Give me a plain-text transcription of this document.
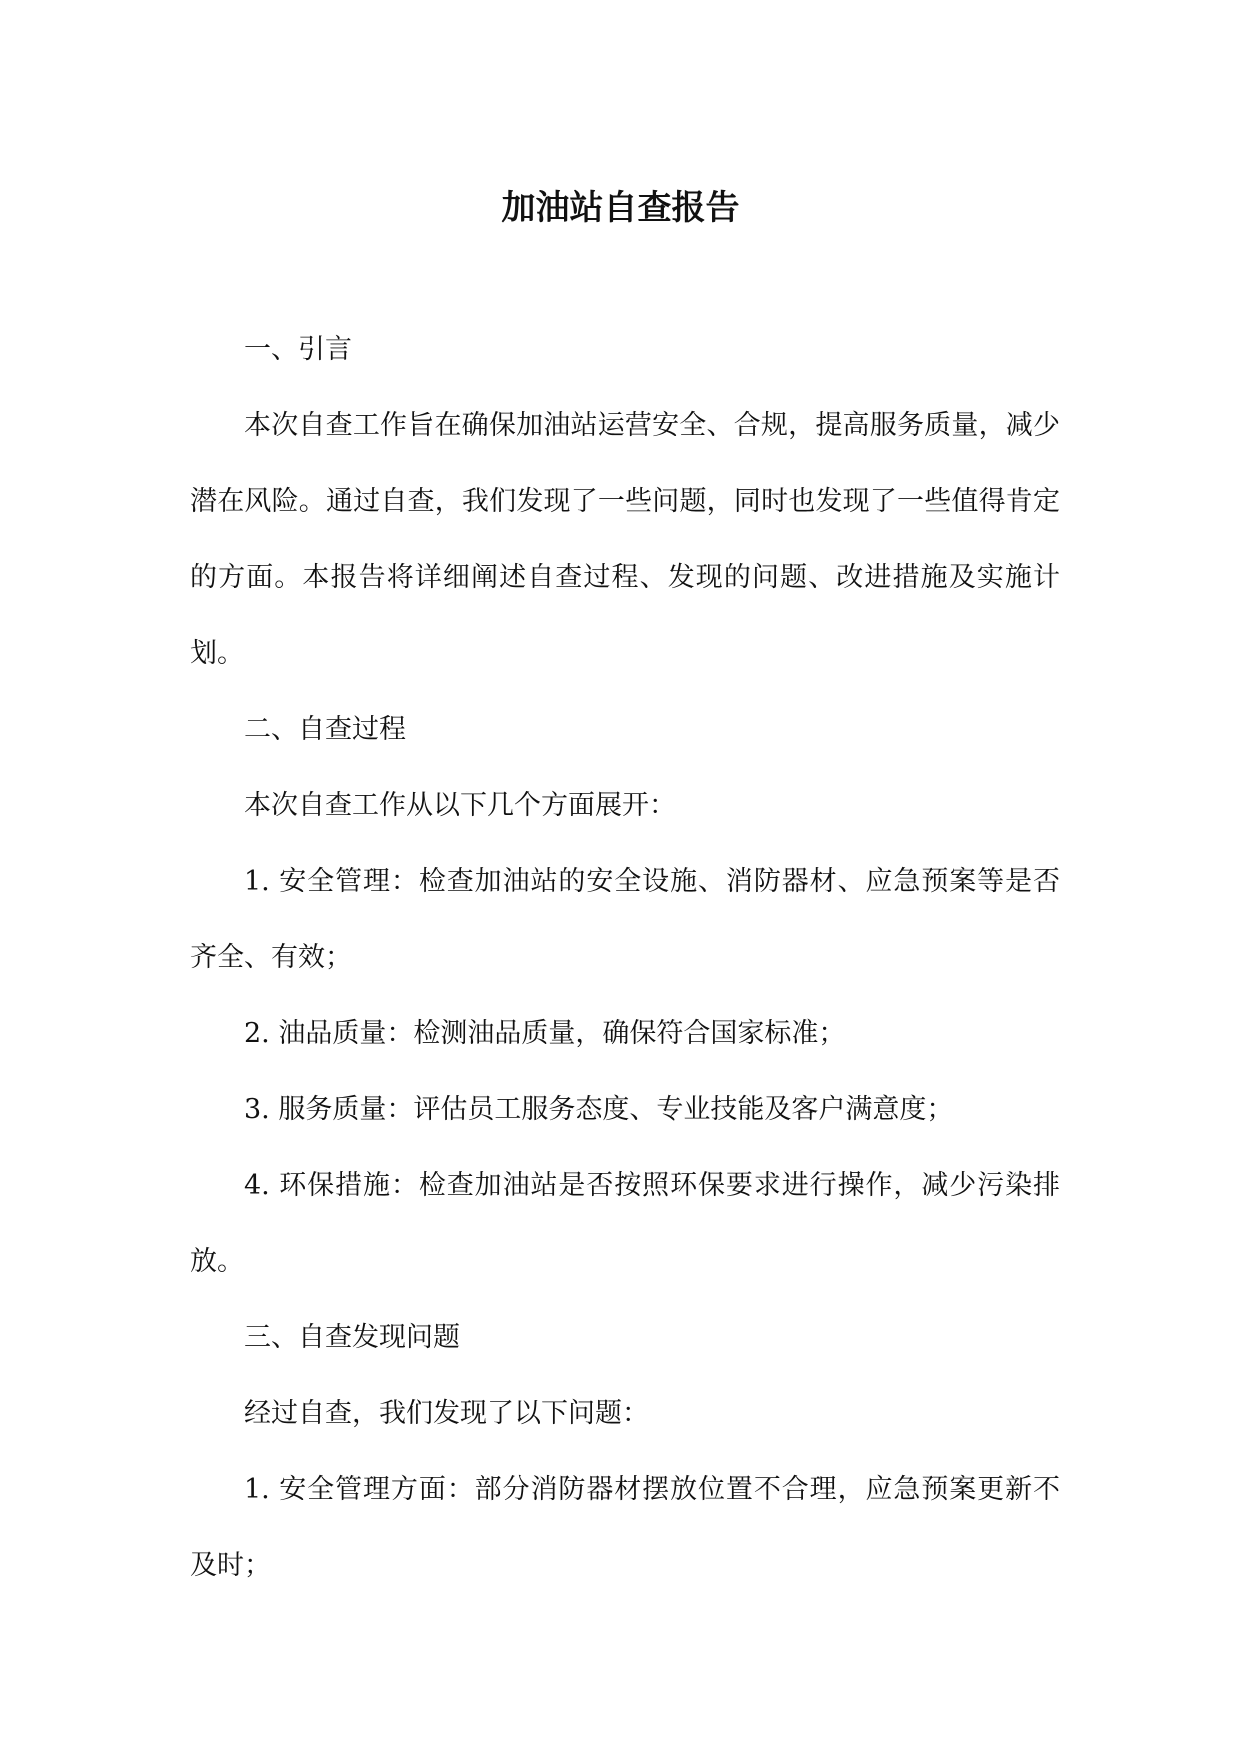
加油站自查报告

一、引言

本次自查工作旨在确保加油站运营安全、合规，提高服务质量，减少潜在风险。通过自查，我们发现了一些问题，同时也发现了一些值得肯定的方面。本报告将详细阐述自查过程、发现的问题、改进措施及实施计划。

二、自查过程

本次自查工作从以下几个方面展开：

1. 安全管理：检查加油站的安全设施、消防器材、应急预案等是否齐全、有效；

2. 油品质量：检测油品质量，确保符合国家标准；

3. 服务质量：评估员工服务态度、专业技能及客户满意度；

4. 环保措施：检查加油站是否按照环保要求进行操作，减少污染排放。

三、自查发现问题

经过自查，我们发现了以下问题：

1. 安全管理方面：部分消防器材摆放位置不合理，应急预案更新不及时；
